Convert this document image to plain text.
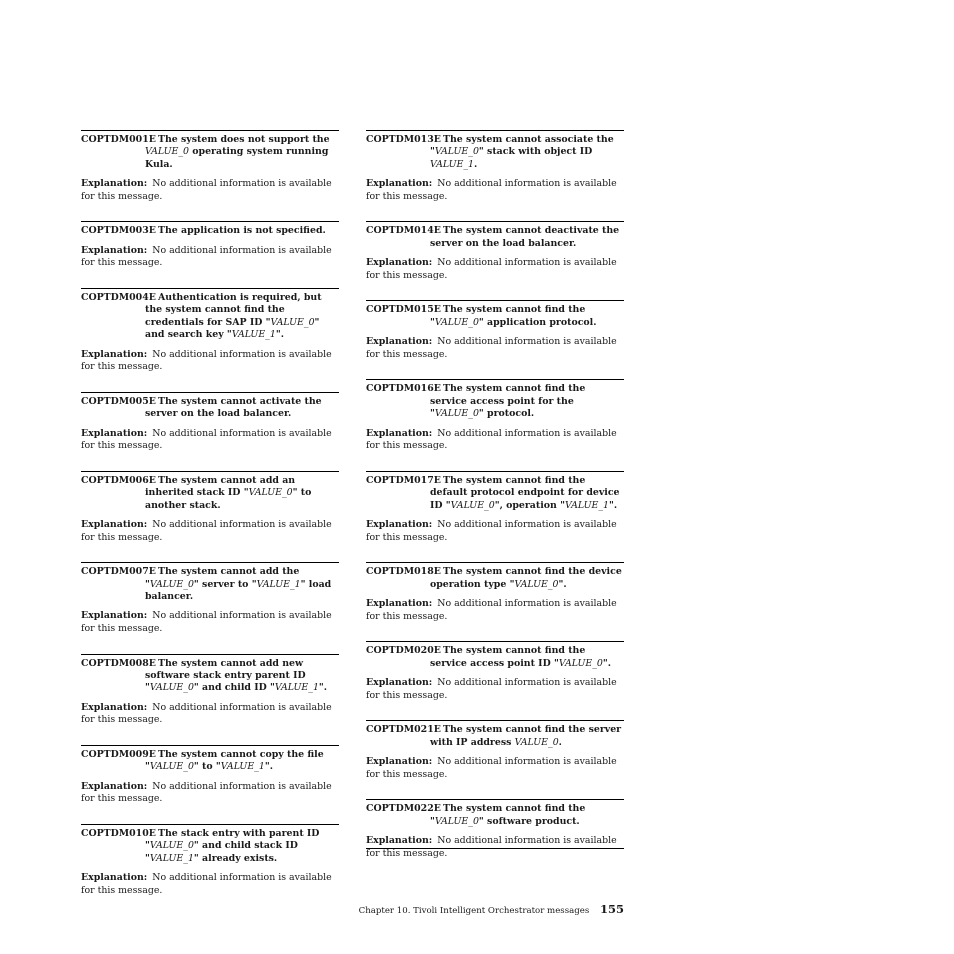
COPTDM001E The system does not support the VALUE_0 operating system running Kula.
Explanation: No additional information is available for this message.
COPTDM003E The application is not specified.
Explanation: No additional information is available for this message.
COPTDM004E Authentication is required, but the system cannot find the credentials for SAP ID "VALUE_0" and search key "VALUE_1".
Explanation: No additional information is available for this message.
COPTDM005E The system cannot activate the server on the load balancer.
Explanation: No additional information is available for this message.
COPTDM006E The system cannot add an inherited stack ID "VALUE_0" to another stack.
Explanation: No additional information is available for this message.
COPTDM007E The system cannot add the "VALUE_0" server to "VALUE_1" load balancer.
Explanation: No additional information is available for this message.
COPTDM008E The system cannot add new software stack entry parent ID "VALUE_0" and child ID "VALUE_1".
Explanation: No additional information is available for this message.
COPTDM009E The system cannot copy the file "VALUE_0" to "VALUE_1".
Explanation: No additional information is available for this message.
COPTDM010E The stack entry with parent ID "VALUE_0" and child stack ID "VALUE_1" already exists.
Explanation: No additional information is available for this message.
COPTDM013E The system cannot associate the "VALUE_0" stack with object ID VALUE_1.
Explanation: No additional information is available for this message.
COPTDM014E The system cannot deactivate the server on the load balancer.
Explanation: No additional information is available for this message.
COPTDM015E The system cannot find the "VALUE_0" application protocol.
Explanation: No additional information is available for this message.
COPTDM016E The system cannot find the service access point for the "VALUE_0" protocol.
Explanation: No additional information is available for this message.
COPTDM017E The system cannot find the default protocol endpoint for device ID "VALUE_0", operation "VALUE_1".
Explanation: No additional information is available for this message.
COPTDM018E The system cannot find the device operation type "VALUE_0".
Explanation: No additional information is available for this message.
COPTDM020E The system cannot find the service access point ID "VALUE_0".
Explanation: No additional information is available for this message.
COPTDM021E The system cannot find the server with IP address VALUE_0.
Explanation: No additional information is available for this message.
COPTDM022E The system cannot find the "VALUE_0" software product.
Explanation: No additional information is available for this message.
Chapter 10. Tivoli Intelligent Orchestrator messages 155
